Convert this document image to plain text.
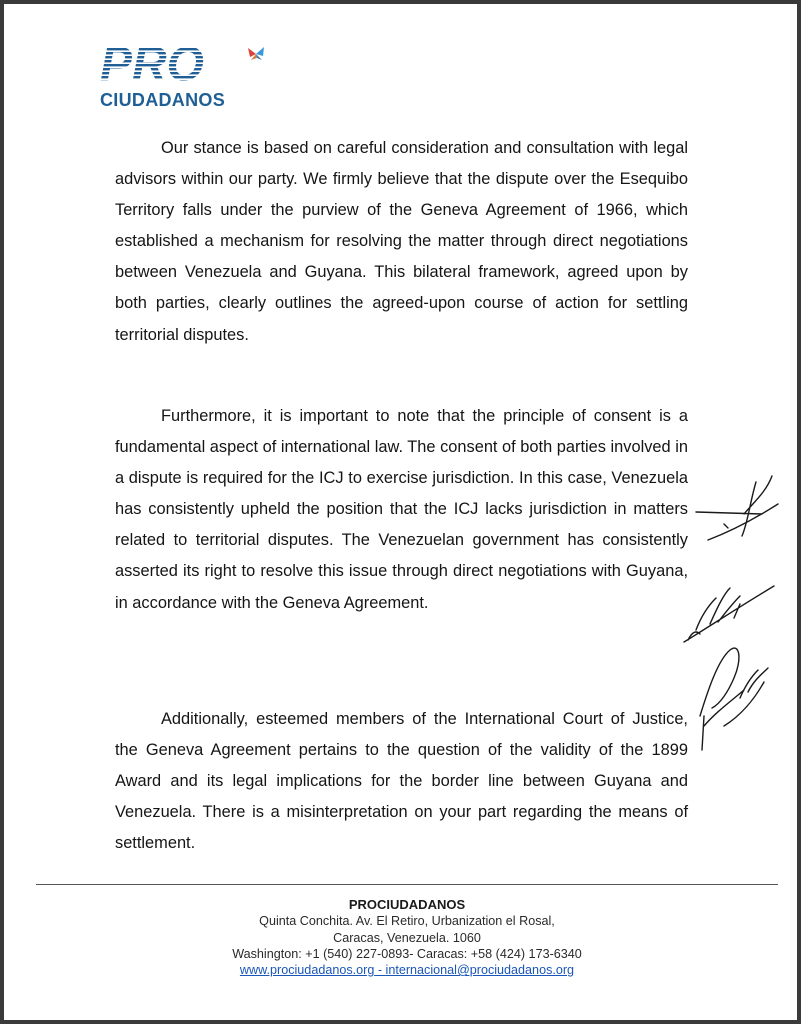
PRO
CIUDADANOS

Our stance is based on careful consideration and consultation with legal advisors within our party. We firmly believe that the dispute over the Esequibo Territory falls under the purview of the Geneva Agreement of 1966, which established a mechanism for resolving the matter through direct negotiations between Venezuela and Guyana. This bilateral framework, agreed upon by both parties, clearly outlines the agreed-upon course of action for settling territorial disputes.

Furthermore, it is important to note that the principle of consent is a fundamental aspect of international law. The consent of both parties involved in a dispute is required for the ICJ to exercise jurisdiction. In this case, Venezuela has consistently upheld the position that the ICJ lacks jurisdiction in matters related to territorial disputes. The Venezuelan government has consistently asserted its right to resolve this issue through direct negotiations with Guyana, in accordance with the Geneva Agreement.

Additionally, esteemed members of the International Court of Justice, the Geneva Agreement pertains to the question of the validity of the 1899 Award and its legal implications for the border line between Guyana and Venezuela. There is a misinterpretation on your part regarding the means of settlement.

PROCIUDADANOS
Quinta Conchita. Av. El Retiro, Urbanization el Rosal,
Caracas, Venezuela. 1060
Washington: +1 (540) 227-0893- Caracas: +58 (424) 173-6340
www.prociudadanos.org - internacional@prociudadanos.org
